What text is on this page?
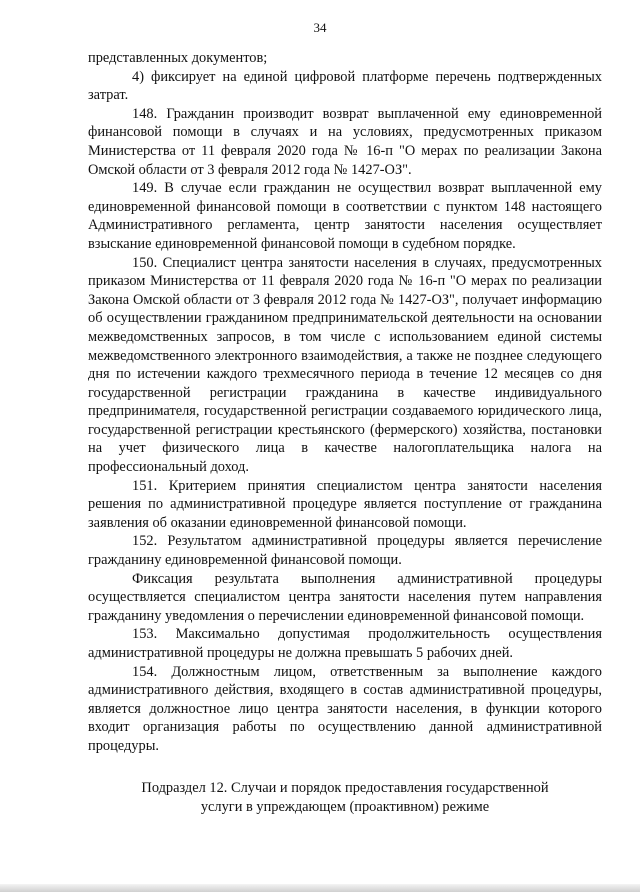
34

представленных документов;

4) фиксирует на единой цифровой платформе перечень подтвержденных затрат.

148. Гражданин производит возврат выплаченной ему единовременной финансовой помощи в случаях и на условиях, предусмотренных приказом Министерства от 11 февраля 2020 года № 16-п "О мерах по реализации Закона Омской области от 3 февраля 2012 года № 1427-ОЗ".

149. В случае если гражданин не осуществил возврат выплаченной ему единовременной финансовой помощи в соответствии с пунктом 148 настоящего Административного регламента, центр занятости населения осуществляет взыскание единовременной финансовой помощи в судебном порядке.

150. Специалист центра занятости населения в случаях, предусмотренных приказом Министерства от 11 февраля 2020 года № 16-п "О мерах по реализации Закона Омской области от 3 февраля 2012 года № 1427-ОЗ", получает информацию об осуществлении гражданином предпринимательской деятельности на основании межведомственных запросов, в том числе с использованием единой системы межведомственного электронного взаимодействия, а также не позднее следующего дня по истечении каждого трехмесячного периода в течение 12 месяцев со дня государственной регистрации гражданина в качестве индивидуального предпринимателя, государственной регистрации создаваемого юридического лица, государственной регистрации крестьянского (фермерского) хозяйства, постановки на учет физического лица в качестве налогоплательщика налога на профессиональный доход.

151. Критерием принятия специалистом центра занятости населения решения по административной процедуре является поступление от гражданина заявления об оказании единовременной финансовой помощи.

152. Результатом административной процедуры является перечисление гражданину единовременной финансовой помощи.

Фиксация результата выполнения административной процедуры осуществляется специалистом центра занятости населения путем направления гражданину уведомления о перечислении единовременной финансовой помощи.

153. Максимально допустимая продолжительность осуществления административной процедуры не должна превышать 5 рабочих дней.

154. Должностным лицом, ответственным за выполнение каждого административного действия, входящего в состав административной процедуры, является должностное лицо центра занятости населения, в функции которого входит организация работы по осуществлению данной административной процедуры.

Подраздел 12. Случаи и порядок предоставления государственной
услуги в упреждающем (проактивном) режиме
